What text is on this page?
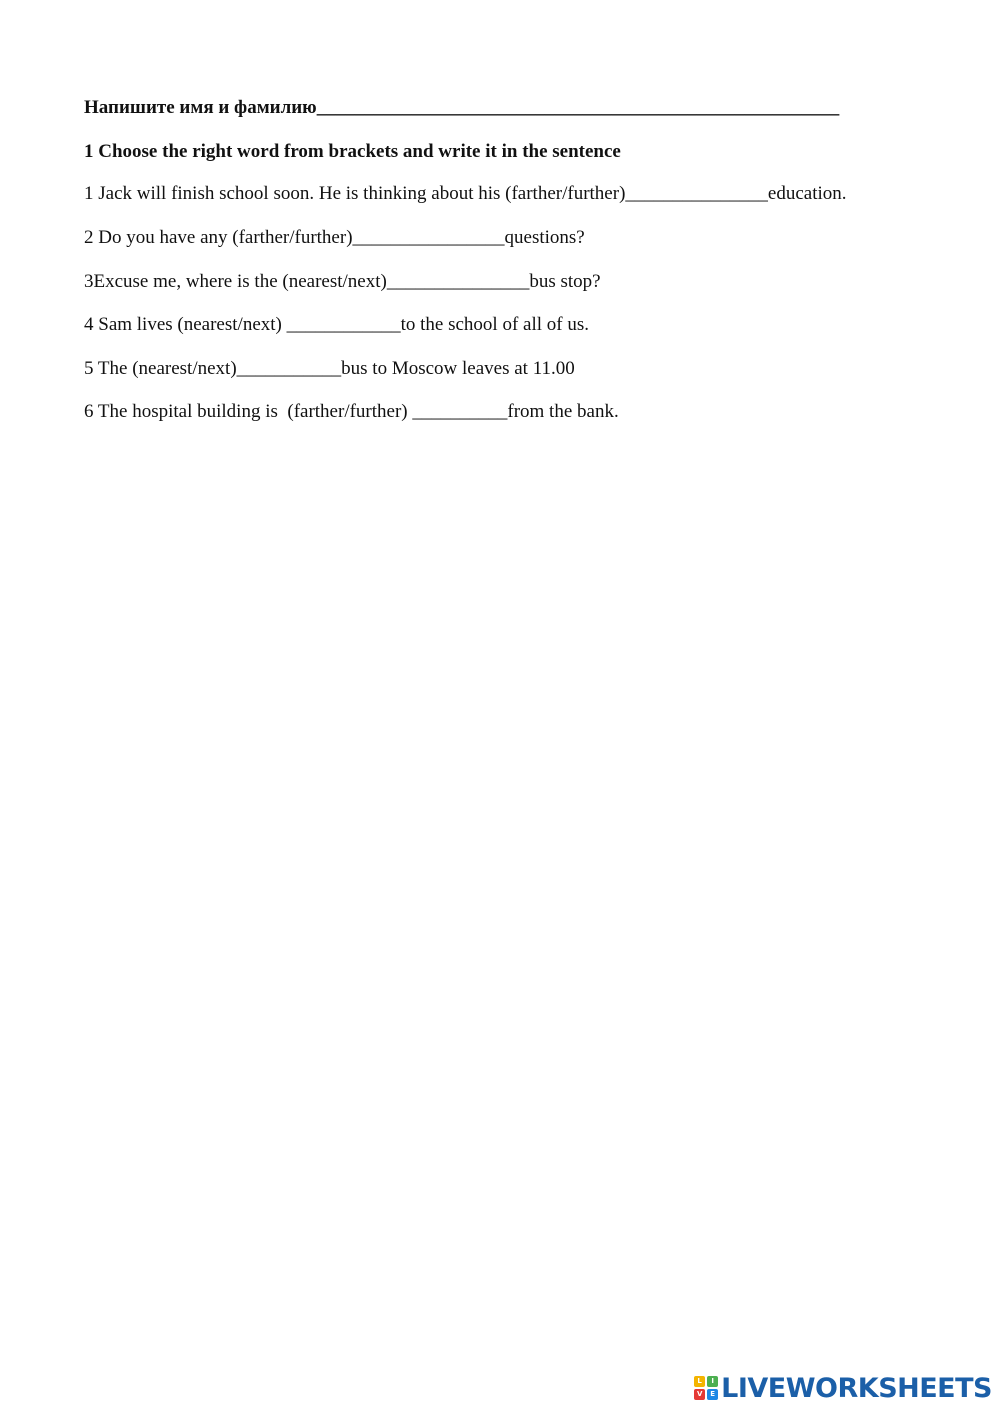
Напишите имя и фамилию_______________________________________________________
1 Choose the right word from brackets and write it in the sentence
1 Jack will finish school soon. He is thinking about his (farther/further)_______________education.
2 Do you have any (farther/further)________________questions?
3Excuse me, where is the (nearest/next)_______________bus stop?
4 Sam lives (nearest/next) ____________to the school of all of us.
5 The (nearest/next)___________bus to Moscow leaves at 11.00
6 The hospital building is  (farther/further) __________from the bank.
L	I
V	E LIVEWORKSHEETS
